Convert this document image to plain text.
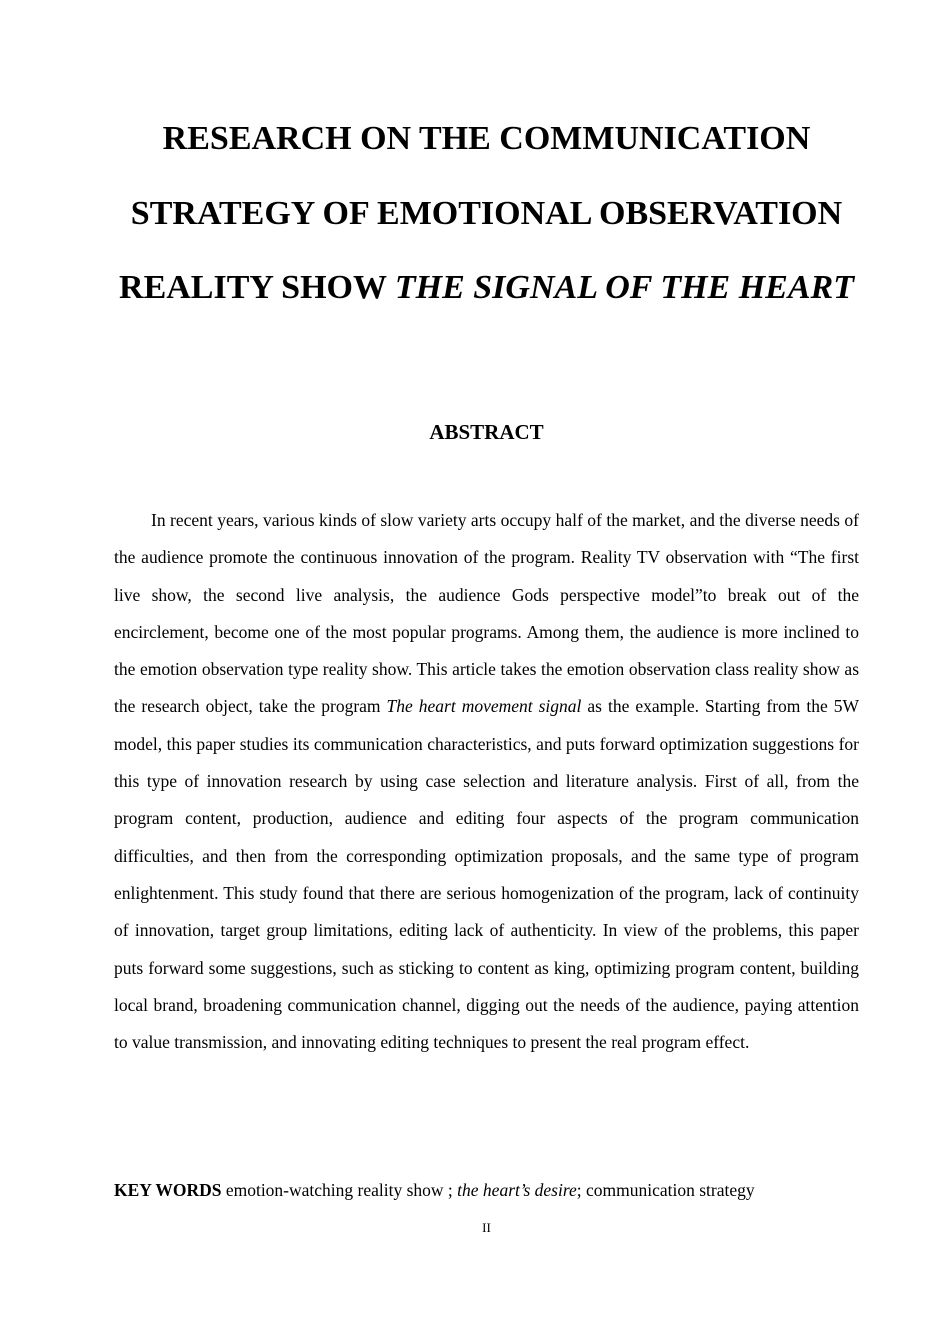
RESEARCH ON THE COMMUNICATION STRATEGY OF EMOTIONAL OBSERVATION REALITY SHOW THE SIGNAL OF THE HEART
ABSTRACT

In recent years, various kinds of slow variety arts occupy half of the market, and the diverse needs of the audience promote the continuous innovation of the program. Reality TV observation with “The first live show, the second live analysis, the audience Gods perspective model”to break out of the encirclement, become one of the most popular programs. Among them, the audience is more inclined to the emotion observation type reality show. This article takes the emotion observation class reality show as the research object, take the program The heart movement signal as the example. Starting from the 5W model, this paper studies its communication characteristics, and puts forward optimization suggestions for this type of innovation research by using case selection and literature analysis. First of all, from the program content, production, audience and editing four aspects of the program communication difficulties, and then from the corresponding optimization proposals, and the same type of program enlightenment. This study found that there are serious homogenization of the program, lack of continuity of innovation, target group limitations, editing lack of authenticity. In view of the problems, this paper puts forward some suggestions, such as sticking to content as king, optimizing program content, building local brand, broadening communication channel, digging out the needs of the audience, paying attention to value transmission, and innovating editing techniques to present the real program effect.

KEY WORDS emotion-watching reality show ; the heart’s desire; communication strategy

II
